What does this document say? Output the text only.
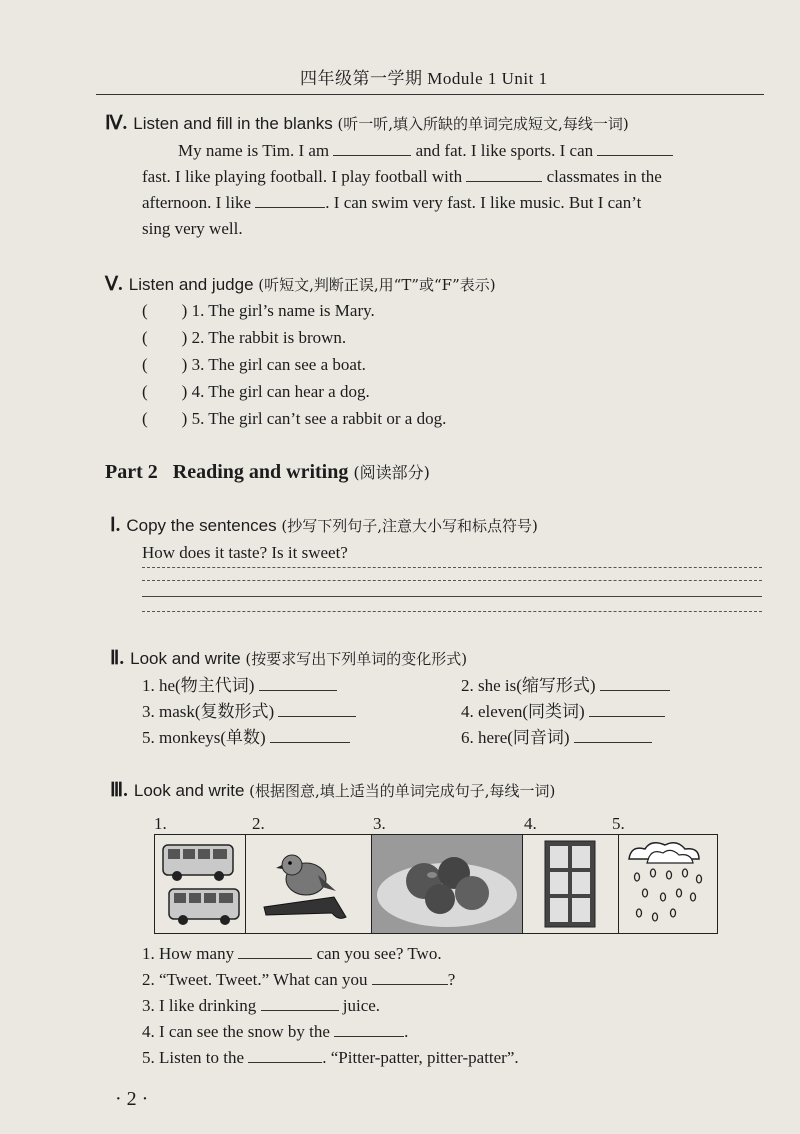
四年级第一学期 Module 1 Unit 1
Ⅳ. Listen and fill in the blanks (听一听,填入所缺的单词完成短文,每线一词)
My name is Tim. I am	and fat. I like sports. I can
fast. I like playing football. I play football with	classmates in the
afternoon. I like	. I can swim very fast. I like music. But I can’t
sing very well.
Ⅴ. Listen and judge (听短文,判断正误,用“T”或“F”表示)
(        ) 1. The girl’s name is Mary.
(        ) 2. The rabbit is brown.
(        ) 3. The girl can see a boat.
(        ) 4. The girl can hear a dog.
(        ) 5. The girl can’t see a rabbit or a dog.
Part 2   Reading and writing (阅读部分)
Ⅰ. Copy the sentences (抄写下列句子,注意大小写和标点符号)
How does it taste? Is it sweet?
Ⅱ. Look and write (按要求写出下列单词的变化形式)
1. he(物主代词)	2. she is(缩写形式)
3. mask(复数形式)	4. eleven(同类词)
5. monkeys(单数)	6. here(同音词)
Ⅲ. Look and write (根据图意,填上适当的单词完成句子,每线一词)
1.	2.	3.	4.	5.
1. How many	can you see? Two.
2. “Tweet. Tweet.” What can you	?
3. I like drinking	juice.
4. I can see the snow by the	.
5. Listen to the	. “Pitter-patter, pitter-patter”.
· 2 ·
